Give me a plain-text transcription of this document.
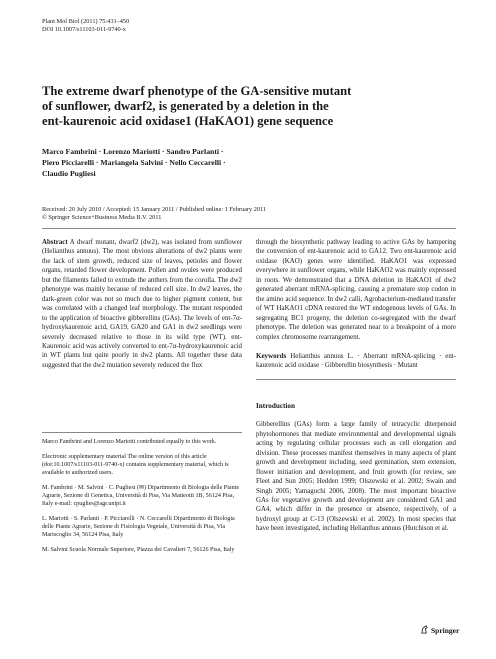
Plant Mol Biol (2011) 75:431–450
DOI 10.1007/s11103-011-9740-x
The extreme dwarf phenotype of the GA-sensitive mutant
of sunflower, dwarf2, is generated by a deletion in the
ent-kaurenoic acid oxidase1 (HaKAO1) gene sequence
Marco Fambrini · Lorenzo Mariotti · Sandro Parlanti ·
Piero Picciarelli · Mariangela Salvini · Nello Ceccarelli ·
Claudio Pugliesi
Received: 20 July 2010 / Accepted: 15 January 2011 / Published online: 1 February 2011
© Springer Science+Business Media B.V. 2011

Abstract A dwarf mutant, dwarf2 (dw2), was isolated from sunflower (Helianthus annuus). The most obvious alterations of dw2 plants were the lack of stem growth, reduced size of leaves, petioles and flower organs, retarded flower development. Pollen and ovules were produced but the filaments failed to extrude the anthers from the corolla. The dw2 phenotype was mainly because of reduced cell size. In dw2 leaves, the dark-green color was not so much due to higher pigment content, but was correlated with a changed leaf morphology. The mutant responded to the application of bioactive gibberellins (GAs). The levels of ent-7α-hydroxykaurenoic acid, GA19, GA20 and GA1 in dw2 seedlings were severely decreased relative to those in its wild type (WT). ent-Kaurenoic acid was actively converted to ent-7α-hydroxykaurenoic acid in WT plants but quite poorly in dw2 plants. All together these data suggested that the dw2 mutation severely reduced the flux

Marco Fambrini and Lorenzo Mariotti contributed equally to this work.

Electronic supplementary material The online version of this article (doi:10.1007/s11103-011-9740-x) contains supplementary material, which is available to authorized users.

M. Fambrini · M. Salvini · C. Pugliesi (✉) Dipartimento di Biologia delle Piante Agrarie, Sezione di Genetica, Università di Pisa, Via Matteotti 1B, 56124 Pisa, Italy e-mail: cpuglies@agr.unipi.it

L. Mariotti · S. Parlanti · P. Picciarelli · N. Ceccarelli Dipartimento di Biologia delle Piante Agrarie, Sezione di Fisiologia Vegetale, Università di Pisa, Via Mariscoglio 34, 56124 Pisa, Italy

M. Salvini Scuola Normale Superiore, Piazza dei Cavalieri 7, 56126 Pisa, Italy

through the biosynthetic pathway leading to active GAs by hampering the conversion of ent-kaurenoic acid to GA12. Two ent-kaurenoic acid oxidase (KAO) genes were identified. HaKAO1 was expressed everywhere in sunflower organs, while HaKAO2 was mainly expressed in roots. We demonstrated that a DNA deletion in HaKAO1 of dw2 generated aberrant mRNA-splicing, causing a premature stop codon in the amino acid sequence. In dw2 calli, Agrobacterium-mediated transfer of WT HaKAO1 cDNA restored the WT endogenous levels of GAs. In segregating BC1 progeny, the deletion co-segregated with the dwarf phenotype. The deletion was generated near to a breakpoint of a more complex chromosome rearrangement.

Keywords Helianthus annuus L. · Aberrant mRNA-splicing · ent-kaurenoic acid oxidase · Gibberellin biosynthesis · Mutant

Introduction

Gibberellins (GAs) form a large family of tetracyclic diterpenoid phytohormones that mediate environmental and developmental signals acting by regulating cellular processes such as cell elongation and division. These processes manifest themselves in many aspects of plant growth and development including, seed germination, stem extension, flower initiation and development, and fruit growth (for review, see Fleet and Sun 2005; Hedden 1999; Olszewski et al. 2002; Swain and Singh 2005; Yamaguchi 2006, 2008). The most important bioactive GAs for vegetative growth and development are considered GA1 and GA4, which differ in the presence or absence, respectively, of a hydroxyl group at C-13 (Olszewski et al. 2002). In most species that have been investigated, including Helianthus annuus (Hutchison et al.

Springer
